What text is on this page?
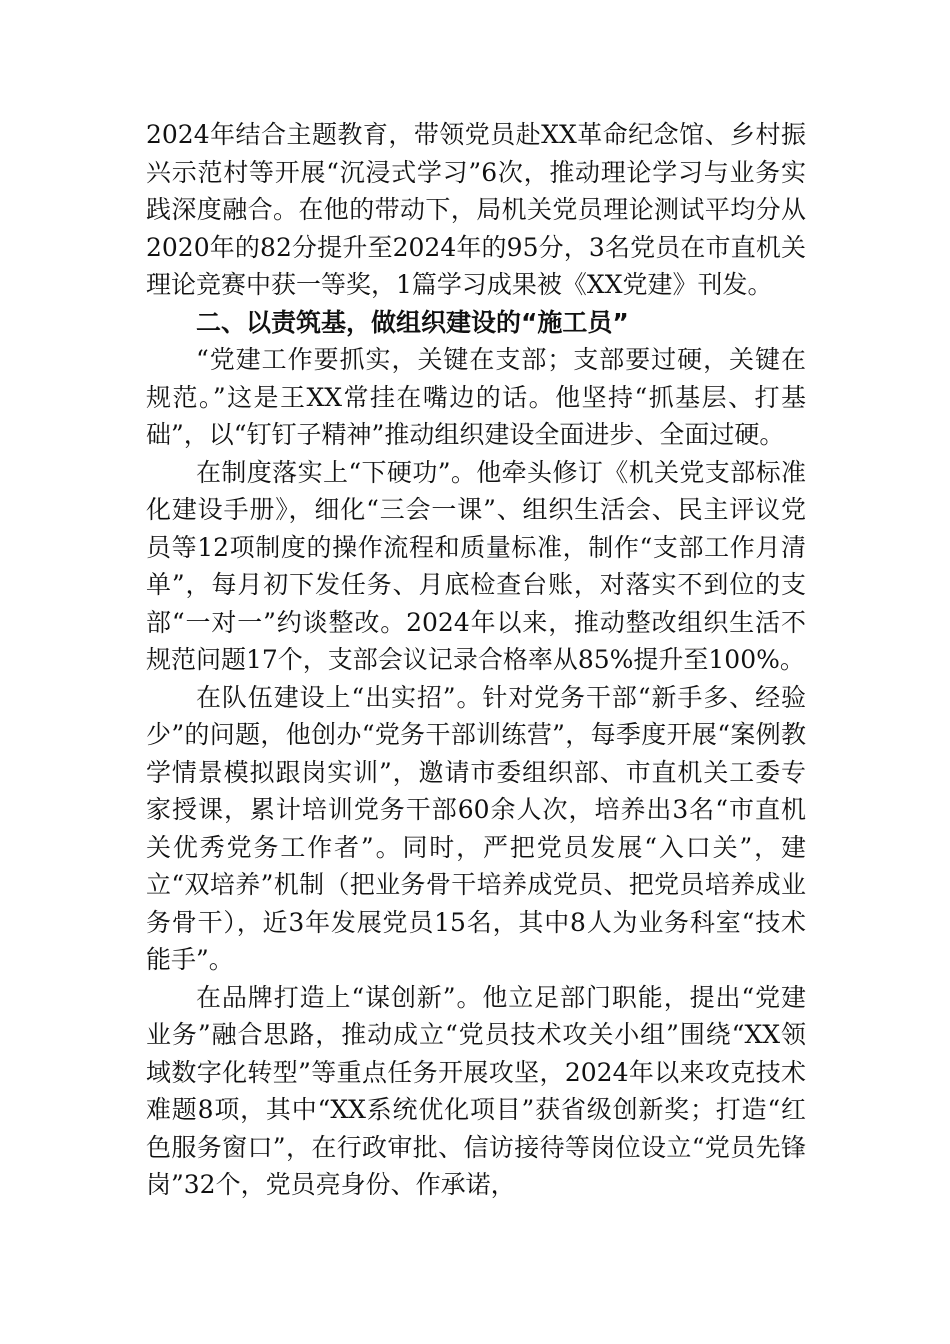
2024年结合主题教育，带领党员赴XX革命纪念馆、乡村振兴示范村等开展“沉浸式学习”6次，推动理论学习与业务实践深度融合。在他的带动下，局机关党员理论测试平均分从2020年的82分提升至2024年的95分，3名党员在市直机关理论竞赛中获一等奖，1篇学习成果被《XX党建》刊发。

二、以责筑基，做组织建设的“施工员”

“党建工作要抓实，关键在支部；支部要过硬，关键在规范。”这是王XX常挂在嘴边的话。他坚持“抓基层、打基础”，以“钉钉子精神”推动组织建设全面进步、全面过硬。

在制度落实上“下硬功”。他牵头修订《机关党支部标准化建设手册》，细化“三会一课”、组织生活会、民主评议党员等12项制度的操作流程和质量标准，制作“支部工作月清单”，每月初下发任务、月底检查台账，对落实不到位的支部“一对一”约谈整改。2024年以来，推动整改组织生活不规范问题17个，支部会议记录合格率从85%提升至100%。

在队伍建设上“出实招”。针对党务干部“新手多、经验少”的问题，他创办“党务干部训练营”，每季度开展“案例教学情景模拟跟岗实训”，邀请市委组织部、市直机关工委专家授课，累计培训党务干部60余人次，培养出3名“市直机关优秀党务工作者”。同时，严把党员发展“入口关”，建立“双培养”机制（把业务骨干培养成党员、把党员培养成业务骨干），近3年发展党员15名，其中8人为业务科室“技术能手”。

在品牌打造上“谋创新”。他立足部门职能，提出“党建业务”融合思路，推动成立“党员技术攻关小组”围绕“XX领域数字化转型”等重点任务开展攻坚，2024年以来攻克技术难题8项，其中“XX系统优化项目”获省级创新奖；打造“红色服务窗口”，在行政审批、信访接待等岗位设立“党员先锋岗”32个，党员亮身份、作承诺，
